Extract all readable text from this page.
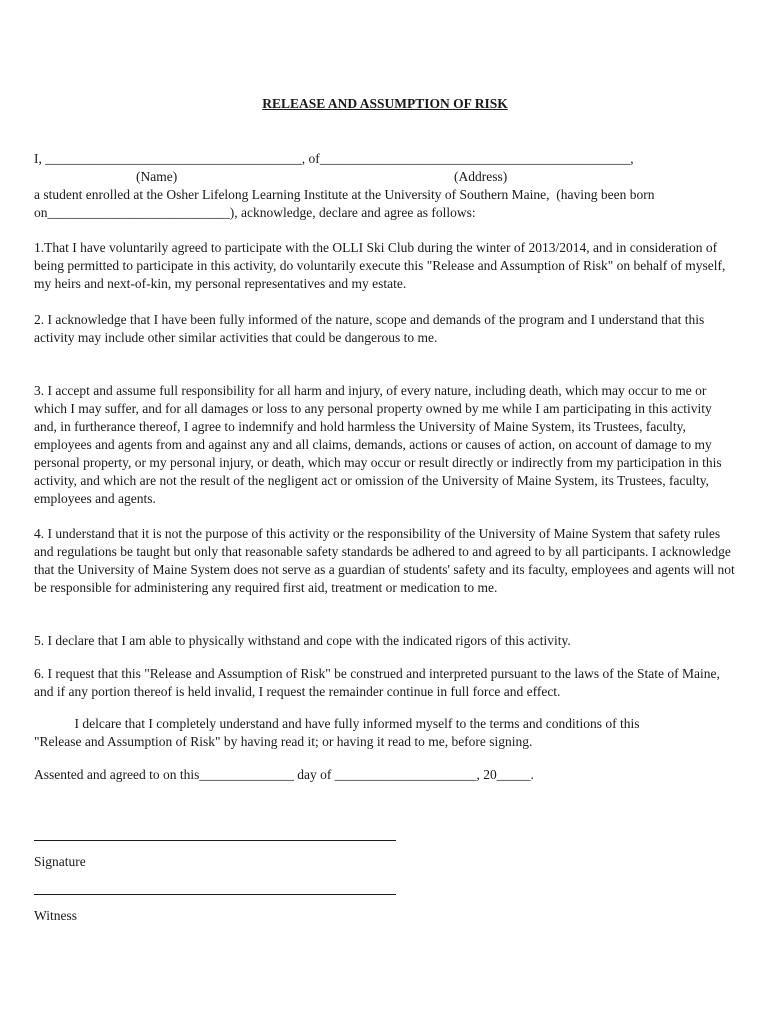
RELEASE AND ASSUMPTION OF RISK
I, ______________________________________, of______________________________________________,
(Name)	(Address)
a student enrolled at the Osher Lifelong Learning Institute at the University of Southern Maine,  (having been born
on___________________________), acknowledge, declare and agree as follows:
1.That I have voluntarily agreed to participate with the OLLI Ski Club during the winter of 2013/2014, and in consideration of being permitted to participate in this activity, do voluntarily execute this "Release and Assumption of Risk" on behalf of myself, my heirs and next-of-kin, my personal representatives and my estate.
2. I acknowledge that I have been fully informed of the nature, scope and demands of the program and I understand that this activity may include other similar activities that could be dangerous to me.
3. I accept and assume full responsibility for all harm and injury, of every nature, including death, which may occur to me or which I may suffer, and for all damages or loss to any personal property owned by me while I am participating in this activity and, in furtherance thereof, I agree to indemnify and hold harmless the University of Maine System, its Trustees, faculty, employees and agents from and against any and all claims, demands, actions or causes of action, on account of damage to my personal property, or my personal injury, or death, which may occur or result directly or indirectly from my participation in this activity, and which are not the result of the negligent act or omission of the University of Maine System, its Trustees, faculty, employees and agents.
4. I understand that it is not the purpose of this activity or the responsibility of the University of Maine System that safety rules and regulations be taught but only that reasonable safety standards be adhered to and agreed to by all participants. I acknowledge that the University of Maine System does not serve as a guardian of students' safety and its faculty, employees and agents will not be responsible for administering any required first aid, treatment or medication to me.
5. I declare that I am able to physically withstand and cope with the indicated rigors of this activity.
6. I request that this "Release and Assumption of Risk" be construed and interpreted pursuant to the laws of the State of Maine, and if any portion thereof is held invalid, I request the remainder continue in full force and effect.
I delcare that I completely understand and have fully informed myself to the terms and conditions of this
"Release and Assumption of Risk" by having read it; or having it read to me, before signing.
Assented and agreed to on this______________ day of _____________________, 20_____.
Signature
Witness
